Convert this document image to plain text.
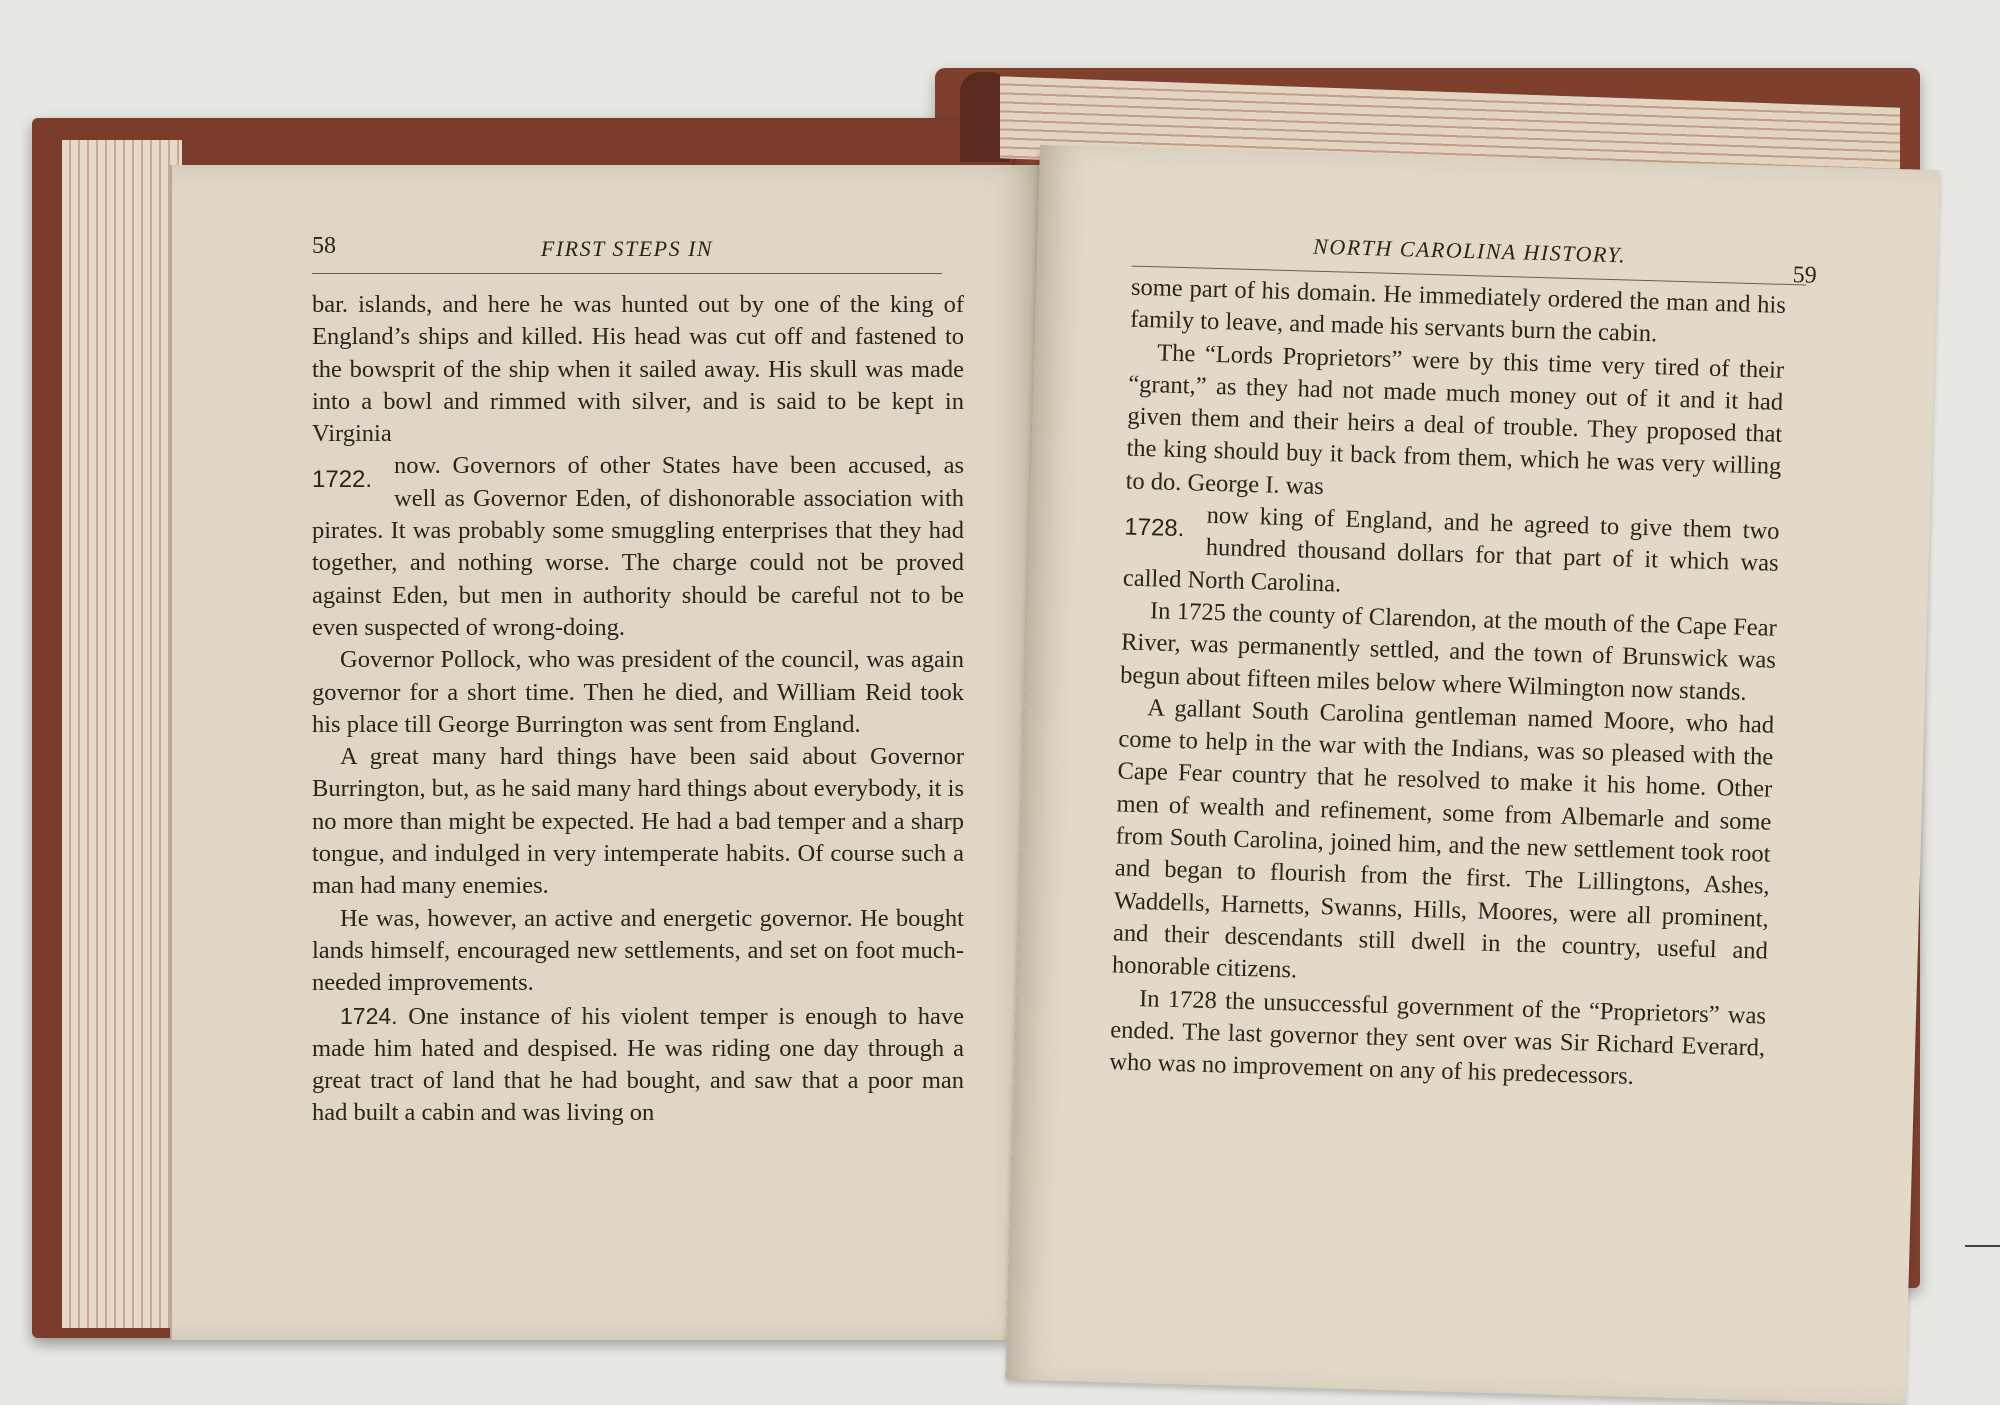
58	FIRST STEPS IN

bar. islands, and here he was hunted out by one of the king of England’s ships and killed. His head was cut off and fastened to the bowsprit of the ship when it sailed away. His skull was made into a bowl and rimmed with silver, and is said to be kept in Virginia

1722.
now. Governors of other States have been accused, as well as Governor Eden, of dishonorable association with pirates. It was probably some smuggling enterprises that they had together, and nothing worse. The charge could not be proved against Eden, but men in authority should be careful not to be even suspected of wrong-doing.

Governor Pollock, who was president of the council, was again governor for a short time. Then he died, and William Reid took his place till George Burrington was sent from England.

A great many hard things have been said about Governor Burrington, but, as he said many hard things about everybody, it is no more than might be expected. He had a bad temper and a sharp tongue, and indulged in very intemperate habits. Of course such a man had many enemies.

He was, however, an active and energetic governor. He bought lands himself, encouraged new settlements, and set on foot much-needed improvements.

1724. One instance of his violent temper is enough to have made him hated and despised. He was riding one day through a great tract of land that he had bought, and saw that a poor man had built a cabin and was living on

NORTH CAROLINA HISTORY.
59

some part of his domain. He immediately ordered the man and his family to leave, and made his servants burn the cabin.

The “Lords Proprietors” were by this time very tired of their “grant,” as they had not made much money out of it and it had given them and their heirs a deal of trouble. They proposed that the king should buy it back from them, which he was very willing to do. George I. was

1728. now king of England, and he agreed to give them two hundred thousand dollars for that part of it which was called North Carolina.

In 1725 the county of Clarendon, at the mouth of the Cape Fear River, was permanently settled, and the town of Brunswick was begun about fifteen miles below where Wilmington now stands.

A gallant South Carolina gentleman named Moore, who had come to help in the war with the Indians, was so pleased with the Cape Fear country that he resolved to make it his home. Other men of wealth and refinement, some from Albemarle and some from South Carolina, joined him, and the new settlement took root and began to flourish from the first. The Lillingtons, Ashes, Waddells, Harnetts, Swanns, Hills, Moores, were all prominent, and their descendants still dwell in the country, useful and honorable citizens.

In 1728 the unsuccessful government of the “Proprietors” was ended. The last governor they sent over was Sir Richard Everard, who was no improvement on any of his predecessors.
